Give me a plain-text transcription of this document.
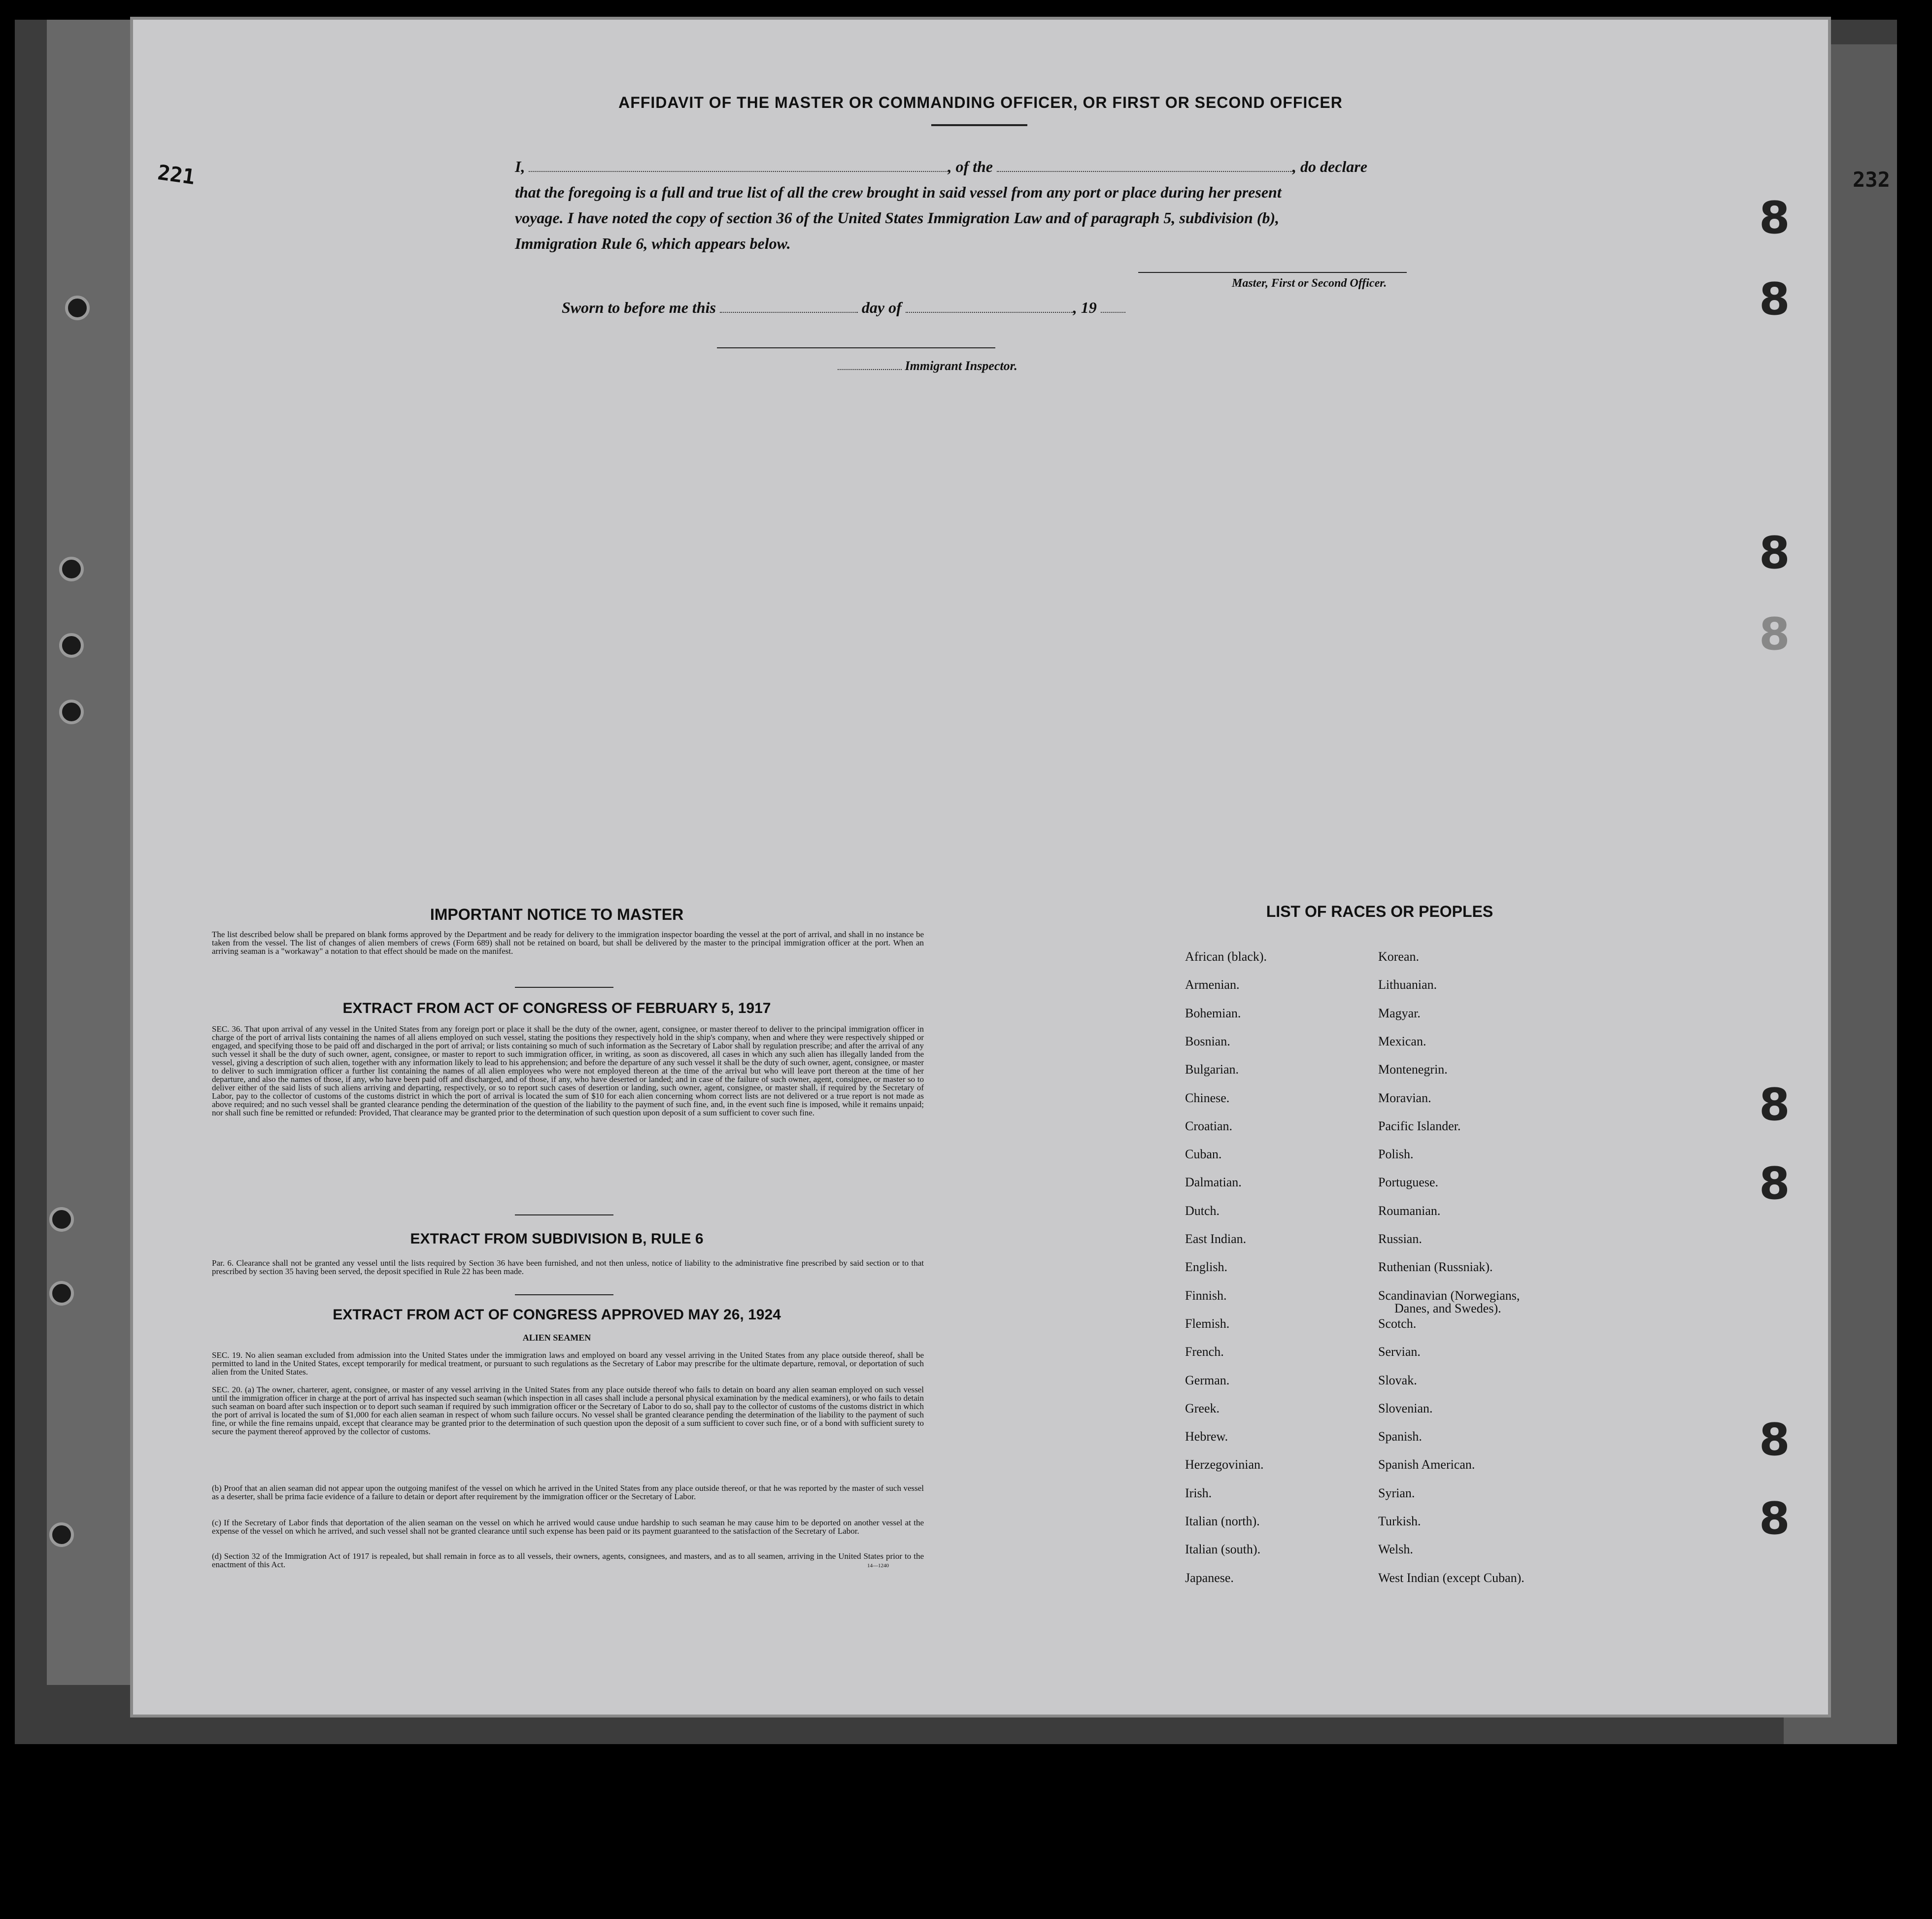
8
8
8
8
8
8
8
8
221	232
AFFIDAVIT OF THE MASTER OR COMMANDING OFFICER, OR FIRST OR SECOND OFFICER
I,	, of the	, do declare
that the foregoing is a full and true list of all the crew brought in said vessel from any port or place during her present
voyage. I have noted the copy of section 36 of the United States Immigration Law and of paragraph 5, subdivision (b),
Immigration Rule 6, which appears below.
Master, First or Second Officer.
Sworn to before me this	day of	, 19
Immigrant Inspector.
IMPORTANT NOTICE TO MASTER
The list described below shall be prepared on blank forms approved by the Department and be ready for delivery to the immigration inspector boarding the vessel at the port of arrival, and shall in no instance be taken from the vessel. The list of changes of alien members of crews (Form 689) shall not be retained on board, but shall be delivered by the master to the principal immigration officer at the port. When an arriving seaman is a "workaway" a notation to that effect should be made on the manifest.
EXTRACT FROM ACT OF CONGRESS OF FEBRUARY 5, 1917
SEC. 36. That upon arrival of any vessel in the United States from any foreign port or place it shall be the duty of the owner, agent, consignee, or master thereof to deliver to the principal immigration officer in charge of the port of arrival lists containing the names of all aliens employed on such vessel, stating the positions they respectively hold in the ship's company, when and where they were respectively shipped or engaged, and specifying those to be paid off and discharged in the port of arrival; or lists containing so much of such information as the Secretary of Labor shall by regulation prescribe; and after the arrival of any such vessel it shall be the duty of such owner, agent, consignee, or master to report to such immigration officer, in writing, as soon as discovered, all cases in which any such alien has illegally landed from the vessel, giving a description of such alien, together with any information likely to lead to his apprehension; and before the departure of any such vessel it shall be the duty of such owner, agent, consignee, or master to deliver to such immigration officer a further list containing the names of all alien employees who were not employed thereon at the time of the arrival but who will leave port thereon at the time of her departure, and also the names of those, if any, who have been paid off and discharged, and of those, if any, who have deserted or landed; and in case of the failure of such owner, agent, consignee, or master so to deliver either of the said lists of such aliens arriving and departing, respectively, or so to report such cases of desertion or landing, such owner, agent, consignee, or master shall, if required by the Secretary of Labor, pay to the collector of customs of the customs district in which the port of arrival is located the sum of $10 for each alien concerning whom correct lists are not delivered or a true report is not made as above required; and no such vessel shall be granted clearance pending the determination of the question of the liability to the payment of such fine, and, in the event such fine is imposed, while it remains unpaid; nor shall such fine be remitted or refunded: Provided, That clearance may be granted prior to the determination of such question upon deposit of a sum sufficient to cover such fine.
EXTRACT FROM SUBDIVISION B, RULE 6
Par. 6. Clearance shall not be granted any vessel until the lists required by Section 36 have been furnished, and not then unless, notice of liability to the administrative fine prescribed by said section or to that prescribed by section 35 having been served, the deposit specified in Rule 22 has been made.
EXTRACT FROM ACT OF CONGRESS APPROVED MAY 26, 1924
ALIEN SEAMEN
SEC. 19. No alien seaman excluded from admission into the United States under the immigration laws and employed on board any vessel arriving in the United States from any place outside thereof, shall be permitted to land in the United States, except temporarily for medical treatment, or pursuant to such regulations as the Secretary of Labor may prescribe for the ultimate departure, removal, or deportation of such alien from the United States.
SEC. 20. (a) The owner, charterer, agent, consignee, or master of any vessel arriving in the United States from any place outside thereof who fails to detain on board any alien seaman employed on such vessel until the immigration officer in charge at the port of arrival has inspected such seaman (which inspection in all cases shall include a personal physical examination by the medical examiners), or who fails to detain such seaman on board after such inspection or to deport such seaman if required by such immigration officer or the Secretary of Labor to do so, shall pay to the collector of customs of the customs district in which the port of arrival is located the sum of $1,000 for each alien seaman in respect of whom such failure occurs. No vessel shall be granted clearance pending the determination of the liability to the payment of such fine, or while the fine remains unpaid, except that clearance may be granted prior to the determination of such question upon the deposit of a sum sufficient to cover such fine, or of a bond with sufficient surety to secure the payment thereof approved by the collector of customs.
(b) Proof that an alien seaman did not appear upon the outgoing manifest of the vessel on which he arrived in the United States from any place outside thereof, or that he was reported by the master of such vessel as a deserter, shall be prima facie evidence of a failure to detain or deport after requirement by the immigration officer or the Secretary of Labor.
(c) If the Secretary of Labor finds that deportation of the alien seaman on the vessel on which he arrived would cause undue hardship to such seaman he may cause him to be deported on another vessel at the expense of the vessel on which he arrived, and such vessel shall not be granted clearance until such expense has been paid or its payment guaranteed to the satisfaction of the Secretary of Labor.
(d) Section 32 of the Immigration Act of 1917 is repealed, but shall remain in force as to all vessels, their owners, agents, consignees, and masters, and as to all seamen, arriving in the United States prior to the enactment of this Act.	14—1240
LIST OF RACES OR PEOPLES
African (black).
Armenian.
Bohemian.
Bosnian.
Bulgarian.
Chinese.
Croatian.
Cuban.
Dalmatian.
Dutch.
East Indian.
English.
Finnish.
Flemish.
French.
German.
Greek.
Hebrew.
Herzegovinian.
Irish.
Italian (north).
Italian (south).
Japanese.
Korean.
Lithuanian.
Magyar.
Mexican.
Montenegrin.
Moravian.
Pacific Islander.
Polish.
Portuguese.
Roumanian.
Russian.
Ruthenian (Russniak).
Scandinavian (Norwegians,
Danes, and Swedes).
Scotch.
Servian.
Slovak.
Slovenian.
Spanish.
Spanish American.
Syrian.
Turkish.
Welsh.
West Indian (except Cuban).
